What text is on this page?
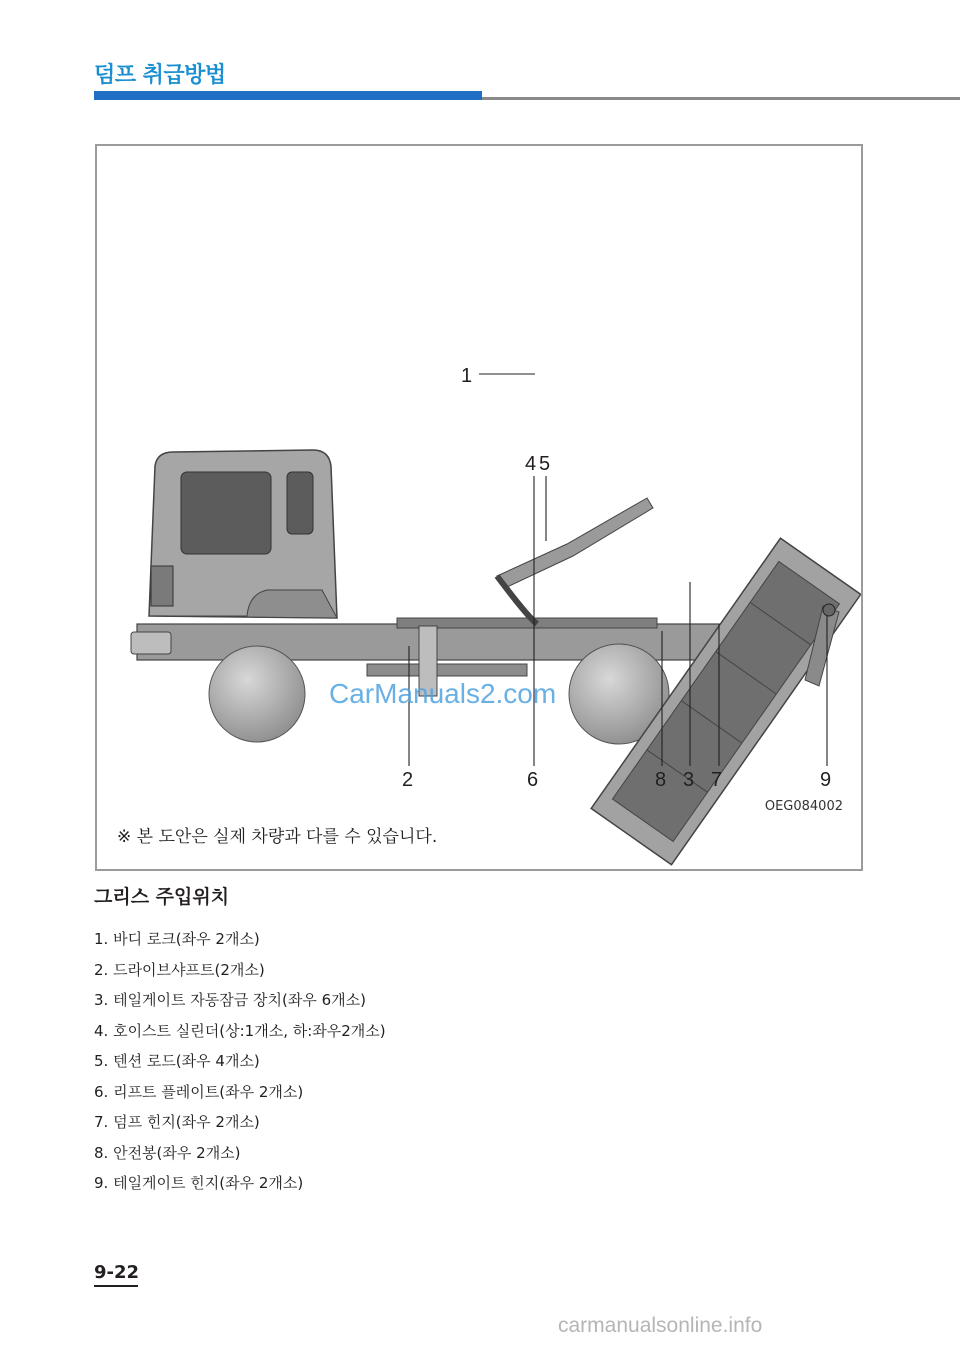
덤프 취급방법
1
2	3
4 5
6	7
8	9
CarManuals2.com
OEG084002
※ 본 도안은 실제 차량과 다를 수 있습니다.
그리스 주입위치
1. 바디 로크(좌우 2개소)
2. 드라이브샤프트(2개소)
3. 테일게이트 자동잠금 장치(좌우 6개소)
4. 호이스트 실린더(상:1개소, 하:좌우2개소)
5. 텐션 로드(좌우 4개소)
6. 리프트 플레이트(좌우 2개소)
7. 덤프 힌지(좌우 2개소)
8. 안전봉(좌우 2개소)
9. 테일게이트 힌지(좌우 2개소)
9-22
carmanualsonline.info
